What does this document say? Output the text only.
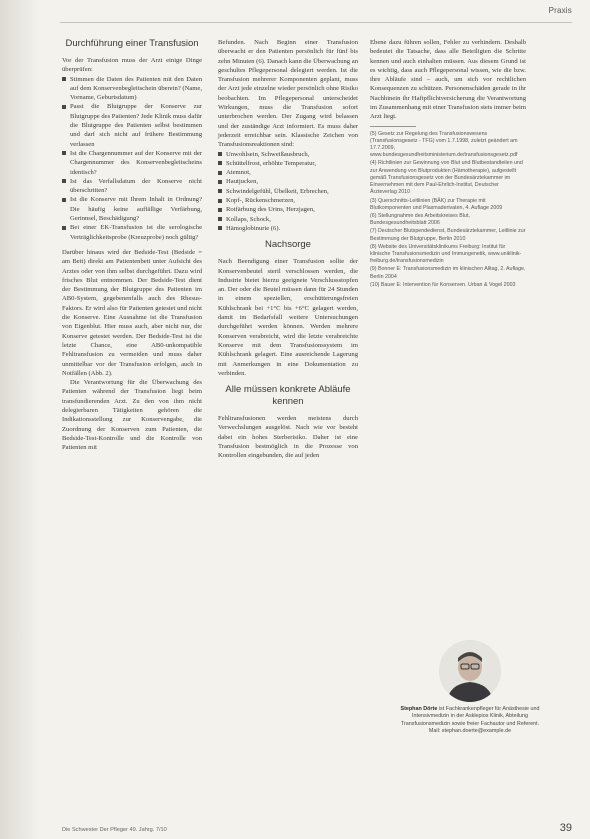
Praxis
Durchführung einer Transfusion

Vor der Transfusion muss der Arzt einige Dinge überprüfen:

Stimmen die Daten des Patienten mit den Daten auf dem Konservenbegleitschein überein? (Name, Vorname, Geburtsdatum)

Passt die Blutgruppe der Konserve zur Blutgruppe des Patienten? Jede Klinik muss dafür die Blutgruppe des Patienten selbst bestimmen und darf sich nicht auf frühere Bestimmung verlassen

Ist die Chargennummer auf der Konserve mit der Chargennummer des Konservenbegleitscheins identisch?

Ist das Verfallsdatum der Konserve nicht überschritten?

Ist die Konserve mit Ihrem Inhalt in Ordnung? Die häufig keine auffällige Verfärbung, Gerinnsel, Beschädigung?

Bei einer EK-Transfusion ist die serologische Verträglichkeitsprobe (Kreuzprobe) noch gültig?

Darüber hinaus wird der Bedside-Test (Bedside = am Bett) direkt am Patientenbett unter Aufsicht des Arztes oder von ihm selbst durchgeführt. Dazu wird frisches Blut entnommen. Der Bedside-Test dient der Bestimmung der Blutgruppe des Patienten im AB0-System, gegebenenfalls auch des Rhesus-Faktors. Er wird also für Patienten getestet und nicht die Konserve. Eine Ausnahme ist die Transfusion von Eigenblut. Hier muss auch, aber nicht nur, die Konserve getestet werden. Der Bedside-Test ist die letzte Chance, eine AB0-unkompatible Fehltransfusion zu vermeiden und muss daher unmittelbar vor der Transfusion erfolgen, auch in Notfällen (Abb. 2).

Die Verantwortung für die Überwachung des Patienten während der Transfusion liegt beim transfundierenden Arzt. Zu den von ihm nicht delegierbaren Tätigkeiten gehören die Indikationsstellung zur Konservengabe, die Zuordnung der Konserven zum Patienten, die Bedside-Test-Kontrolle und die Kontrolle von Patienten mit

Befunden. Nach Beginn einer Transfusion überwacht er den Patienten persönlich für fünf bis zehn Minuten (6). Danach kann die Überwachung an geschultes Pflegepersonal delegiert werden. Ist die Transfusion mehrerer Komponenten geplant, muss der Arzt jede einzelne wieder persönlich ohne Risiko beobachten. Im Pflegepersonal unterscheidet Wirkungen, muss die Transfusion sofort unterbrochen werden. Der Zugang wird belassen und der zuständige Arzt informiert. Es muss daher jederzeit erreichbar sein. Klassische Zeichen von Transfusionsreaktionen sind:

Unwohlsein, Schweißausbruch,

Schüttelfrost, erhöhte Temperatur,

Atemnot,

Hautjucken,

Schwindelgefühl, Übelkeit, Erbrechen,

Kopf-, Rückenschmerzen,

Rotfärbung des Urins, Herzjagen,

Kollaps, Schock,

Hämoglobinurie (6).

Nachsorge

Nach Beendigung einer Transfusion sollte der Konservenbeutel steril verschlossen werden, die Industrie bietet hierzu geeignete Verschlussstopfen an. Der oder die Beutel müssen dann für 24 Stunden in einem speziellen, erschütterungsfreien Kühlschrank bei +1°C bis +6°C gelagert werden, damit im Bedarfsfall weitere Untersuchungen durchgeführt werden können. Werden mehrere Konserven verabreicht, wird die letzte verabreichte Konserve mit dem Transfusionssystem im Kühlschrank gelagert. Eine ausreichende Lagerung mit Anmerkungen in eine Dokumentation zu verbinden.

Alle müssen konkrete Abläufe kennen

Fehltransfusionen werden meistens durch Verwechslungen ausgelöst. Nach wie vor besteht dabei ein hohes Sterberisiko. Daher ist eine Transfusion bestmöglich in die Prozesse von Kontrollen eingebunden, die auf jeden

Ebene dazu führen sollen, Fehler zu verhindern. Deshalb bedeutet die Tatsache, dass alle Beteiligten die Schritte kennen und auch einhalten müssen. Aus diesem Grund ist es wichtig, dass auch Pflegepersonal wissen, wie die bzw. ihre Abläufe sind – auch, um sich vor rechtlichen Konsequenzen zu schützen. Personenschäden gerade in ihr Nachhinein ihr Haftpflichtversicherung die Verantwortung im Zusammenhang mit einer Transfusion stets immer beim Arzt liegt.

(5) Gesetz zur Regelung des Transfusionswesens (Transfusionsgesetz - TFG) vom 1.7.1998, zuletzt geändert am 17.7.2009, www.bundesgesundheitsministerium.de/transfusionsgesetz.pdf

(4) Richtlinien zur Gewinnung von Blut und Blutbestandteilen und zur Anwendung von Blutprodukten (Hämotherapie), aufgestellt gemäß Transfusionsgesetz von der Bundesärztekammer im Einvernehmen mit dem Paul-Ehrlich-Institut, Deutscher Ärzteverlag 2010

(3) Querschnitts-Leitlinien (BÄK) zur Therapie mit Blutkomponenten und Plasmaderivaten, 4. Auflage 2009

(6) Stellungnahme des Arbeitskreises Blut, Bundesgesundheitsblatt 2006

(7) Deutscher Blutspendedienst, Bundesärztekammer, Leitlinie zur Bestimmung der Blutgruppe, Berlin 2010

(8) Website des Universitätsklinikums Freiburg: Institut für klinische Transfusionsmedizin und Immungenetik, www.uniklinik-freiburg.de/transfusionsmedizin

(9) Bonner E: Transfusionsmedizin im klinischen Alltag, 2. Auflage, Berlin 2004

(10) Bauer E: Intervention für Konserven. Urban & Vogel 2003

Stephan Dörte ist Fachkrankenpfleger für Anästhesie und Intensivmedizin in der Asklepios Klinik, Abteilung Transfusionsmedizin sowie freier Fachautor und Referent.
Mail: stephan.doerte@example.de
Die Schwester Der Pfleger 49. Jahrg. 7/10	39
